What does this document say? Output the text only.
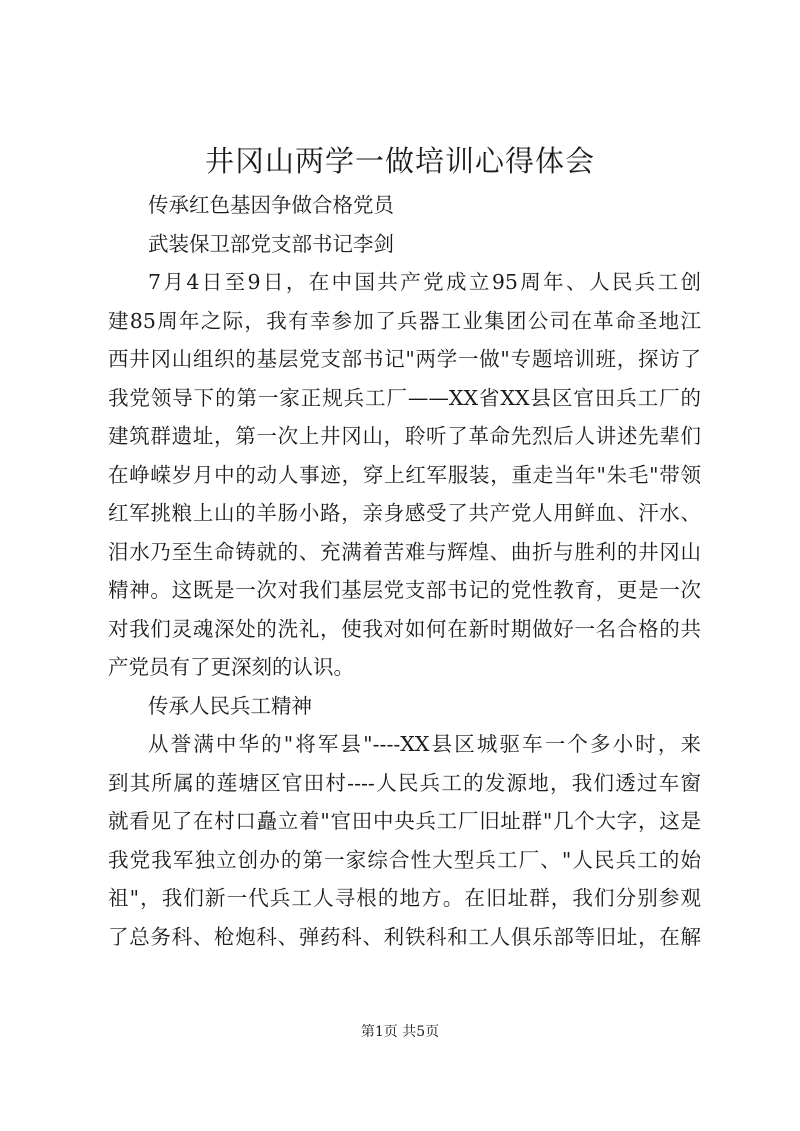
井冈山两学一做培训心得体会
传承红色基因争做合格党员
武装保卫部党支部书记李剑
7月4日至9日，在中国共产党成立95周年、人民兵工创
建85周年之际，我有幸参加了兵器工业集团公司在革命圣地江
西井冈山组织的基层党支部书记"两学一做"专题培训班，探访了
我党领导下的第一家正规兵工厂——XX省XX县区官田兵工厂的
建筑群遗址，第一次上井冈山，聆听了革命先烈后人讲述先辈们
在峥嵘岁月中的动人事迹，穿上红军服装，重走当年"朱毛"带领
红军挑粮上山的羊肠小路，亲身感受了共产党人用鲜血、汗水、
泪水乃至生命铸就的、充满着苦难与辉煌、曲折与胜利的井冈山
精神。这既是一次对我们基层党支部书记的党性教育，更是一次
对我们灵魂深处的洗礼，使我对如何在新时期做好一名合格的共
产党员有了更深刻的认识。
传承人民兵工精神
从誉满中华的"将军县"----XX县区城驱车一个多小时，来
到其所属的莲塘区官田村----人民兵工的发源地，我们透过车窗
就看见了在村口矗立着"官田中央兵工厂旧址群"几个大字，这是
我党我军独立创办的第一家综合性大型兵工厂、"人民兵工的始
祖"，我们新一代兵工人寻根的地方。在旧址群，我们分别参观
了总务科、枪炮科、弹药科、利铁科和工人俱乐部等旧址，在解
第1页 共5页
